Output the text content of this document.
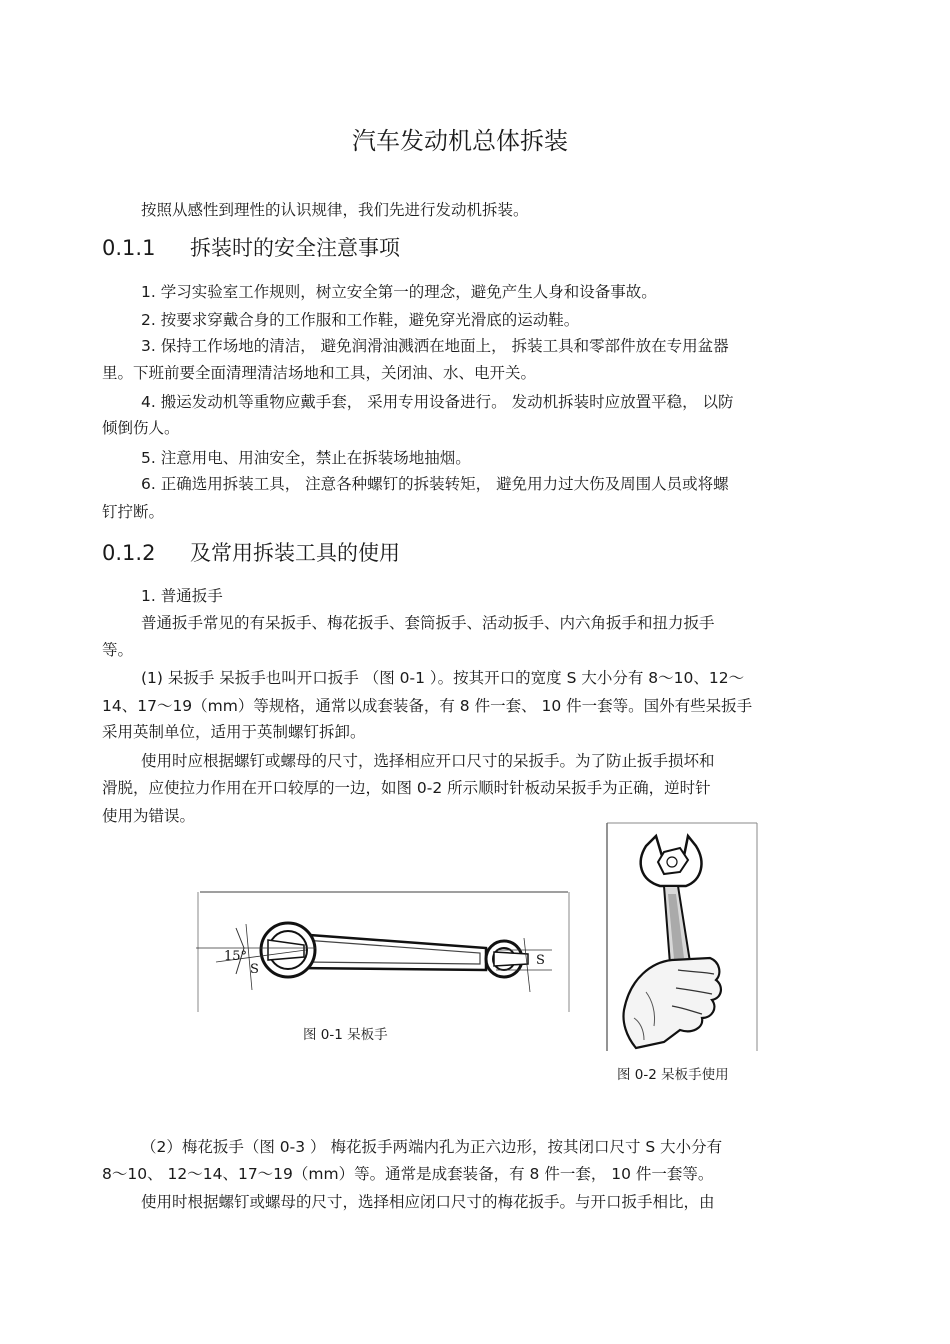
汽车发动机总体拆装
按照从感性到理性的认识规律，我们先进行发动机拆装。
0.1.1 拆装时的安全注意事项
1. 学习实验室工作规则，树立安全第一的理念，避免产生人身和设备事故。
2. 按要求穿戴合身的工作服和工作鞋，避免穿光滑底的运动鞋。
3. 保持工作场地的清洁， 避免润滑油溅洒在地面上， 拆装工具和零部件放在专用盆器
里。下班前要全面清理清洁场地和工具，关闭油、水、电开关。
4. 搬运发动机等重物应戴手套， 采用专用设备进行。 发动机拆装时应放置平稳， 以防
倾倒伤人。
5. 注意用电、用油安全，禁止在拆装场地抽烟。
6. 正确选用拆装工具， 注意各种螺钉的拆装转矩， 避免用力过大伤及周围人员或将螺
钉拧断。
0.1.2 及常用拆装工具的使用
1. 普通扳手
普通扳手常见的有呆扳手、梅花扳手、套筒扳手、活动扳手、内六角扳手和扭力扳手
等。
(1) 呆扳手 呆扳手也叫开口扳手 （图 0-1 ）。按其开口的宽度 S 大小分有 8～10、12～
14、17～19（mm）等规格，通常以成套装备，有 8 件一套、 10 件一套等。国外有些呆扳手
采用英制单位，适用于英制螺钉拆卸。
使用时应根据螺钉或螺母的尺寸，选择相应开口尺寸的呆扳手。为了防止扳手损坏和
滑脱，应使拉力作用在开口较厚的一边，如图 0-2 所示顺时针板动呆扳手为正确，逆时针
使用为错误。
15°
S
S
图 0-1 呆板手
图 0-2 呆板手使用
（2）梅花扳手（图 0-3 ） 梅花扳手两端内孔为正六边形，按其闭口尺寸 S 大小分有
8～10、 12～14、17～19（mm）等。通常是成套装备，有 8 件一套， 10 件一套等。
使用时根据螺钉或螺母的尺寸，选择相应闭口尺寸的梅花扳手。与开口扳手相比，由
